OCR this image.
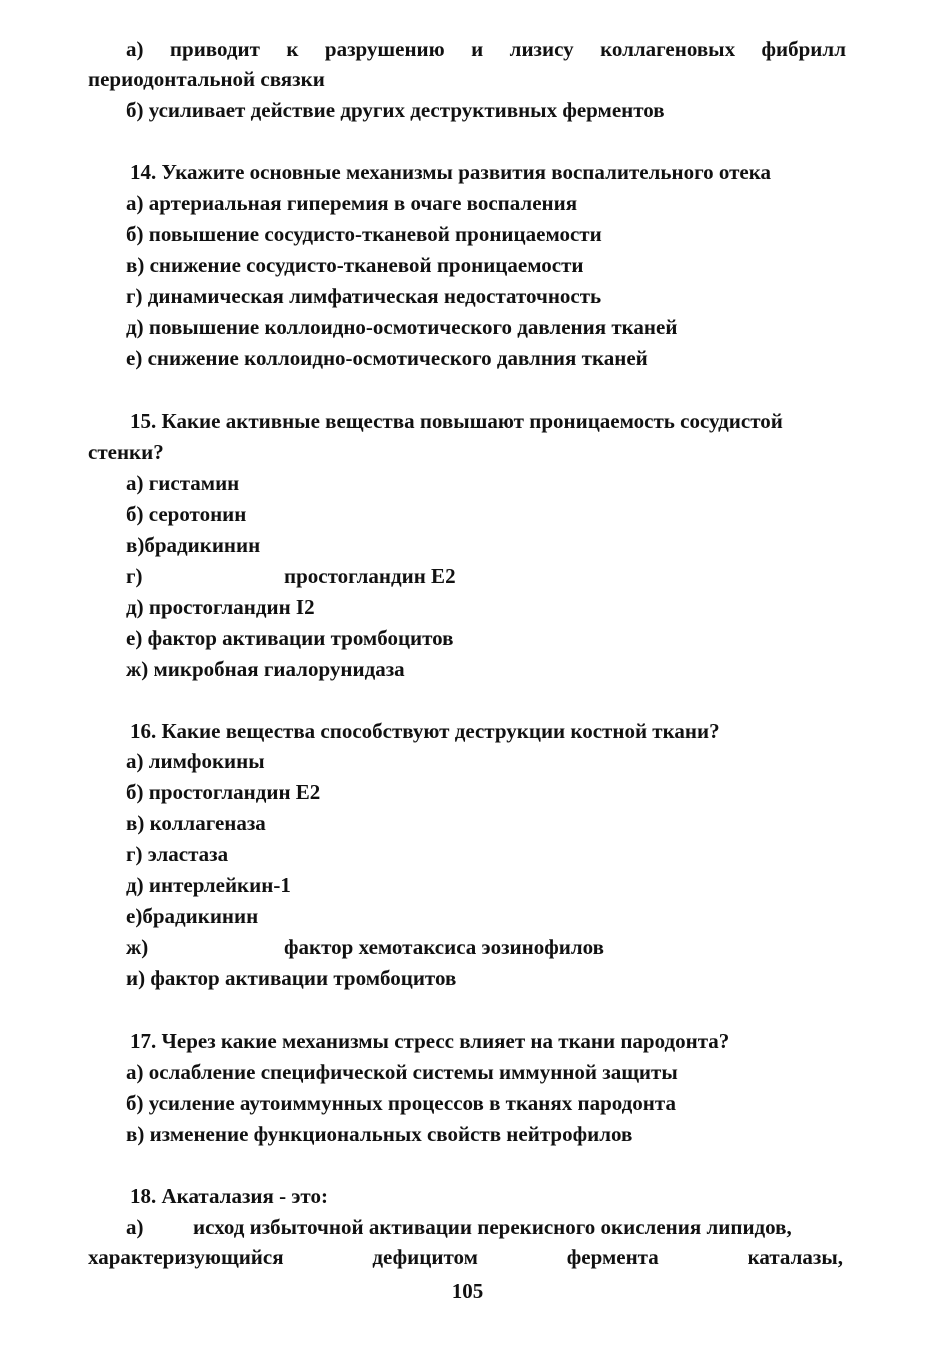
а) приводит к разрушению и лизису коллагеновых фибрилл
периодонтальной связки
б) усиливает действие других деструктивных ферментов
14. Укажите основные механизмы развития воспалительного отека
а) артериальная гиперемия в очаге воспаления
б) повышение сосудисто-тканевой проницаемости
в) снижение сосудисто-тканевой проницаемости
г) динамическая лимфатическая недостаточность
д) повышение коллоидно-осмотического давления тканей
е) снижение коллоидно-осмотического давлния тканей
15. Какие активные вещества повышают проницаемость сосудистой
стенки?
а) гистамин
б) серотонин
в)брадикинин
г)	простогландин Е2
д) простогландин I2
е) фактор активации тромбоцитов
ж) микробная гиалорунидаза
16. Какие вещества способствуют деструкции костной ткани?
а) лимфокины
б) простогландин Е2
в) коллагеназа
г) эластаза
д) интерлейкин-1
е)брадикинин
ж)	фактор хемотаксиса эозинофилов
и) фактор активации тромбоцитов
17. Через какие механизмы стресс влияет на ткани пародонта?
а) ослабление специфической системы иммунной защиты
б) усиление аутоиммунных процессов в тканях пародонта
в) изменение функциональных свойств нейтрофилов
18. Акаталазия - это:
а) исход избыточной активации перекисного окисления липидов,
характеризующийся	дефицитом	фермента	каталазы,
105
